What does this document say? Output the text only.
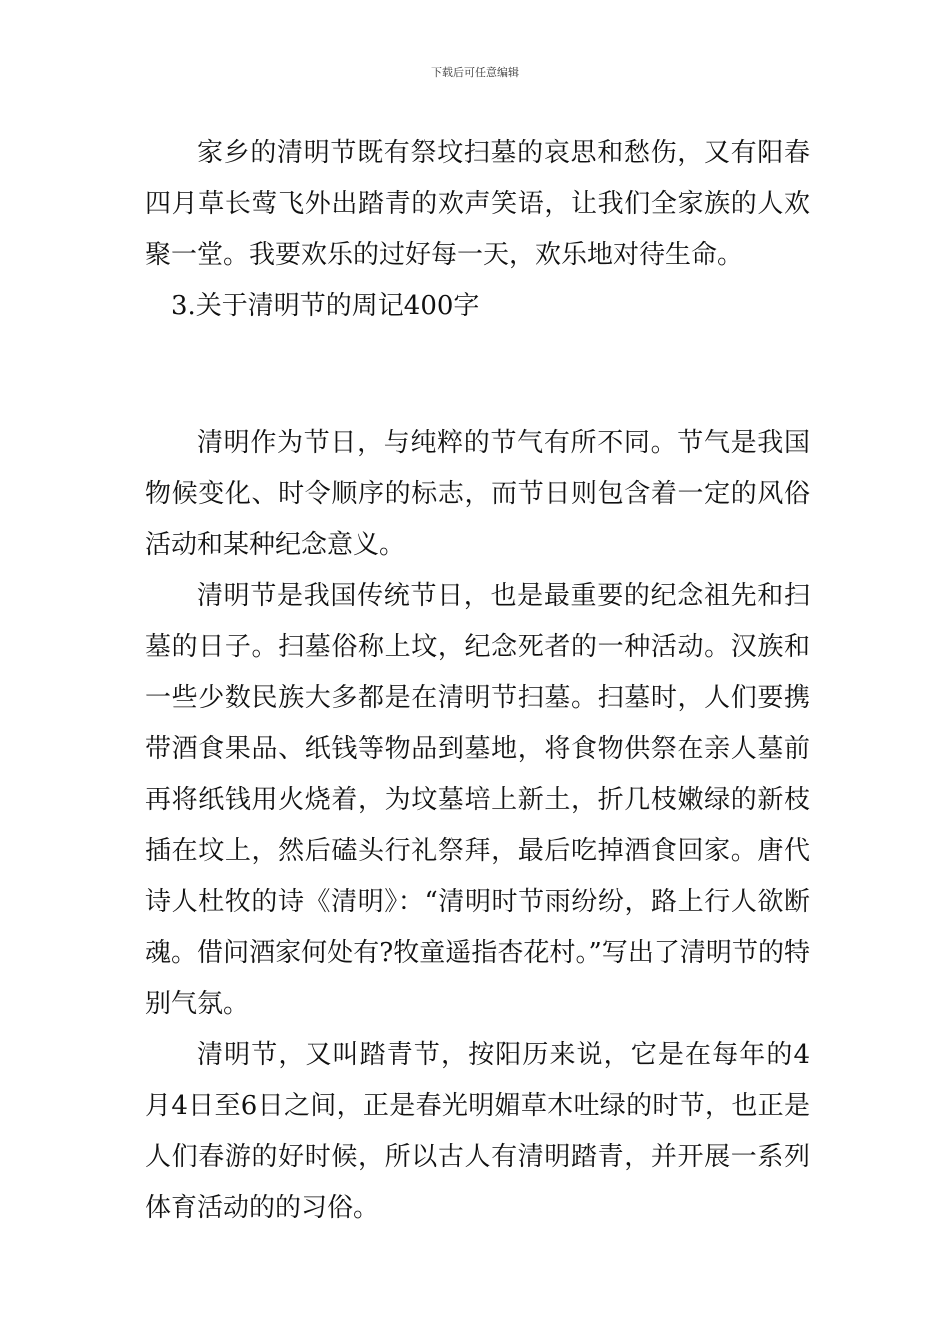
下载后可任意编辑

家乡的清明节既有祭坟扫墓的哀思和愁伤，又有阳春四月草长莺飞外出踏青的欢声笑语，让我们全家族的人欢聚一堂。我要欢乐的过好每一天，欢乐地对待生命。

3.关于清明节的周记400字

清明作为节日，与纯粹的节气有所不同。节气是我国物候变化、时令顺序的标志，而节日则包含着一定的风俗活动和某种纪念意义。

清明节是我国传统节日，也是最重要的纪念祖先和扫墓的日子。扫墓俗称上坟，纪念死者的一种活动。汉族和一些少数民族大多都是在清明节扫墓。扫墓时，人们要携带酒食果品、纸钱等物品到墓地，将食物供祭在亲人墓前再将纸钱用火烧着，为坟墓培上新土，折几枝嫩绿的新枝插在坟上，然后磕头行礼祭拜，最后吃掉酒食回家。唐代诗人杜牧的诗《清明》：“清明时节雨纷纷，路上行人欲断魂。借问酒家何处有?牧童遥指杏花村。”写出了清明节的特别气氛。

清明节，又叫踏青节，按阳历来说，它是在每年的4月4日至6日之间，正是春光明媚草木吐绿的时节，也正是人们春游的好时候，所以古人有清明踏青，并开展一系列体育活动的的习俗。
